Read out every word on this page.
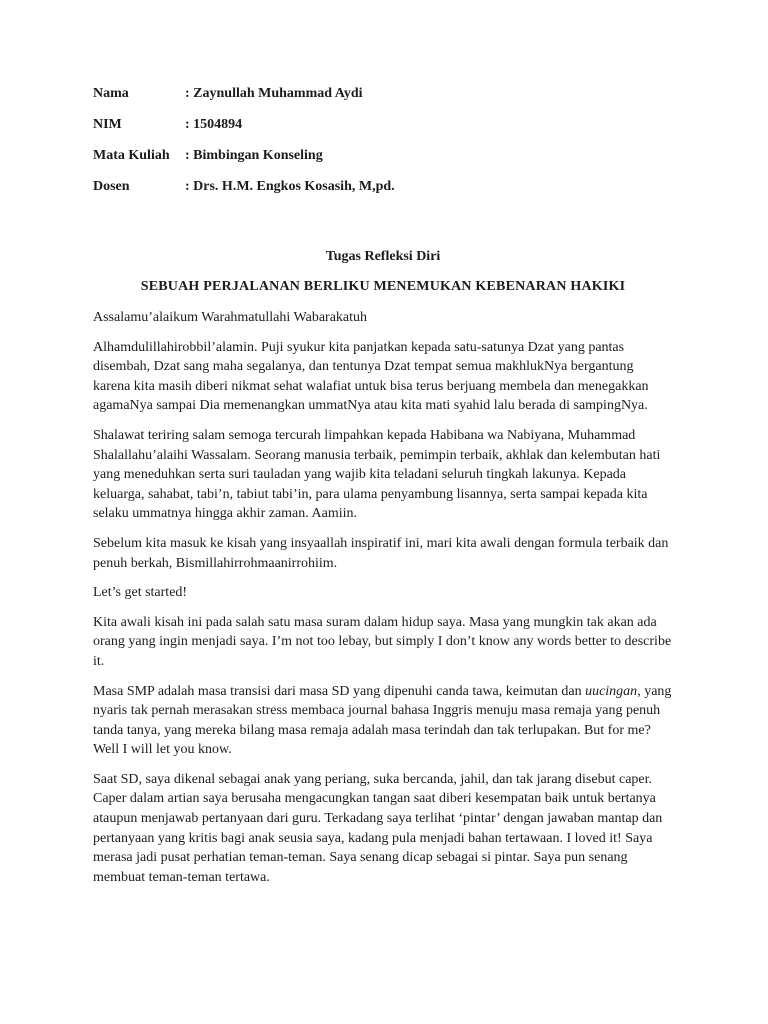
Nama	: Zaynullah Muhammad Aydi
NIM	: 1504894
Mata Kuliah	: Bimbingan Konseling
Dosen	: Drs. H.M. Engkos Kosasih, M,pd.

Tugas Refleksi Diri

SEBUAH PERJALANAN BERLIKU MENEMUKAN KEBENARAN HAKIKI

Assalamu’alaikum Warahmatullahi Wabarakatuh

Alhamdulillahirobbil’alamin. Puji syukur kita panjatkan kepada satu-satunya Dzat yang pantas disembah, Dzat sang maha segalanya, dan tentunya Dzat tempat semua makhlukNya bergantung karena kita masih diberi nikmat sehat walafiat untuk bisa terus berjuang membela dan menegakkan agamaNya sampai Dia memenangkan ummatNya atau kita mati syahid lalu berada di sampingNya.

Shalawat teriring salam semoga tercurah limpahkan kepada Habibana wa Nabiyana, Muhammad Shalallahu’alaihi Wassalam. Seorang manusia terbaik, pemimpin terbaik, akhlak dan kelembutan hati yang meneduhkan serta suri tauladan yang wajib kita teladani seluruh tingkah lakunya. Kepada keluarga, sahabat, tabi’n, tabiut tabi’in, para ulama penyambung lisannya, serta sampai kepada kita selaku ummatnya hingga akhir zaman. Aamiin.

Sebelum kita masuk ke kisah yang insyaallah inspiratif ini, mari kita awali dengan formula terbaik dan penuh berkah, Bismillahirrohmaanirrohiim.

Let’s get started!

Kita awali kisah ini pada salah satu masa suram dalam hidup saya. Masa yang mungkin tak akan ada orang yang ingin menjadi saya. I’m not too lebay, but simply I don’t know any words better to describe it.

Masa SMP adalah masa transisi dari masa SD yang dipenuhi canda tawa, keimutan dan uucingan, yang nyaris tak pernah merasakan stress membaca journal bahasa Inggris menuju masa remaja yang penuh tanda tanya, yang mereka bilang masa remaja adalah masa terindah dan tak terlupakan. But for me? Well I will let you know.

Saat SD, saya dikenal sebagai anak yang periang, suka bercanda, jahil, dan tak jarang disebut caper. Caper dalam artian saya berusaha mengacungkan tangan saat diberi kesempatan baik untuk bertanya ataupun menjawab pertanyaan dari guru. Terkadang saya terlihat ‘pintar’ dengan jawaban mantap dan pertanyaan yang kritis bagi anak seusia saya, kadang pula menjadi bahan tertawaan. I loved it! Saya merasa jadi pusat perhatian teman-teman. Saya senang dicap sebagai si pintar. Saya pun senang membuat teman-teman tertawa.
